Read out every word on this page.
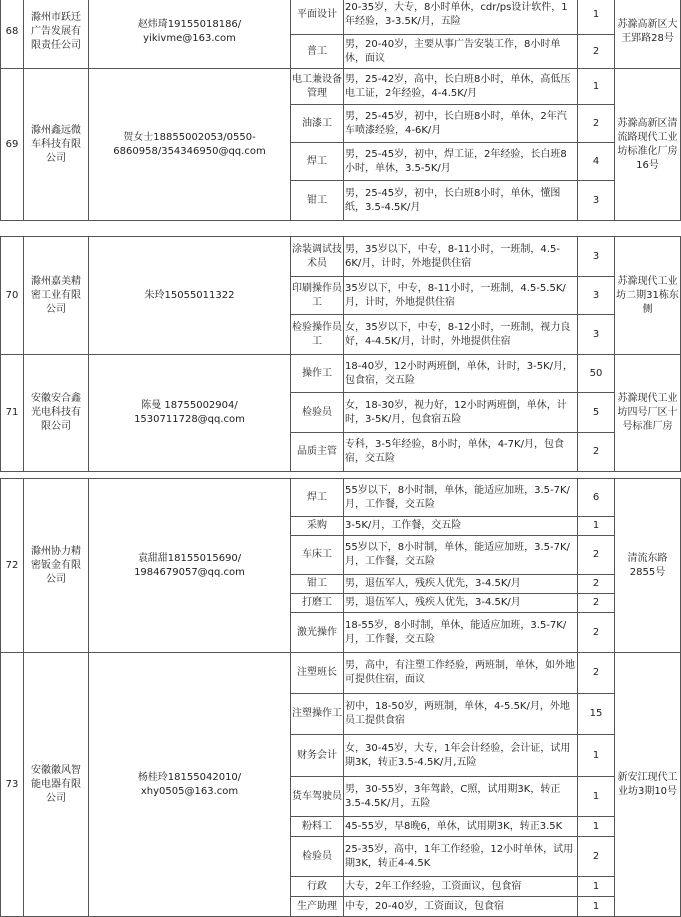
68	滁州市跃迁广告发展有限责任公司	赵炜琦19155018186/ yikivme@163.com	平面设计	20-35岁，大专，8小时单休，cdr/ps设计软件，1年经验，3-3.5K/月，五险	1	苏滁高新区大王郢路28号
			普工	男，20-40岁，主要从事广告安装工作，8小时单休，面议	2	
69	滁州鑫远微车科技有限公司	贺女士18855002053/0550-6860958/354346950@qq.com	电工兼设备管理	男，25-42岁，高中，长白班8小时，单休，高低压电工证，2年经验，4-4.5K/月	1	苏滁高新区清流路现代工业坊标准化厂房16号
			油漆工	男，25-45岁，初中，长白班8小时，单休，2年汽车喷漆经验，4-6K/月	2	
			焊工	男，25-45岁，初中，焊工证，2年经验，长白班8小时，单休，3.5-5K/月	4	
			钳工	男，25-45岁，初中，长白班8小时，单休，懂图纸，3.5-4.5K/月	3	
70	滁州嘉美精密工业有限公司	朱玲15055011322	涂装调试技术员	男，35岁以下，中专，8-11小时，一班制，4.5-6K/月，计时，外地提供住宿	3	苏滁现代工业坊二期31栋东侧
			印刷操作员工	35岁以下，中专，8-11小时，一班制，4.5-5.5K/月，计时，外地提供住宿	3	
			检验操作员工	女，35岁以下，中专，8-12小时，一班制，视力良好，4-4.5K/月，计时，外地提供住宿	3	
71	安徽安合鑫光电科技有限公司	陈曼 18755002904/ 1530711728@qq.com	操作工	18-40岁，12小时两班倒，单休，计时，3-5K/月，包食宿，交五险	50	苏滁现代工业坊四号厂区十号标准厂房
			检验员	女，18-30岁，视力好，12小时两班倒，单休，计时，3-5K/月，包食宿五险	5	
			品质主管	专科，3-5年经验，8小时，单休，4-7K/月，包食宿，交五险	2	
72	滁州协力精密钣金有限公司	袁甜甜18155015690/ 1984679057@qq.com	焊工	55岁以下，8小时制，单休，能适应加班，3.5-7K/月，工作餐，交五险	6	清流东路2855号
			采购	3-5K/月，工作餐，交五险	1	
			车床工	55岁以下，8小时制，单休，能适应加班，3.5-7K/月，工作餐，交五险	2	
			钳工	男，退伍军人，残疾人优先，3-4.5K/月	2	
			打磨工	男，退伍军人，残疾人优先，3-4.5K/月	2	
			激光操作	18-55岁，8小时制，单休，能适应加班，3.5-7K/月，工作餐，交五险	2	
73	安徽徽风智能电器有限公司	杨桂玲18155042010/ xhy0505@163.com	注塑班长	男，高中，有注塑工作经验，两班制，单休，如外地可提供住宿，面议	2	新安江现代工业坊3期10号
			注塑操作工	初中，18-50岁，两班制，单休，4-5.5K/月，外地员工提供食宿	15	
			财务会计	女，30-45岁，大专，1年会计经验，会计证，试用期3K，转正3.5-4.5K/月,五险	1	
			货车驾驶员	男，30-55岁，3年驾龄，C照，试用期3K，转正3.5-4.5K/月，五险	1	
			粉料工	45-55岁，早8晚6，单休，试用期3K，转正3.5K	1	
			检验员	25-35岁，高中，1年工作经验，12小时单休，试用期3K，转正4-4.5K	2	
			行政	大专，2年工作经验，工资面议，包食宿	1	
			生产助理	中专，20-40岁，工资面议，包食宿	1	
